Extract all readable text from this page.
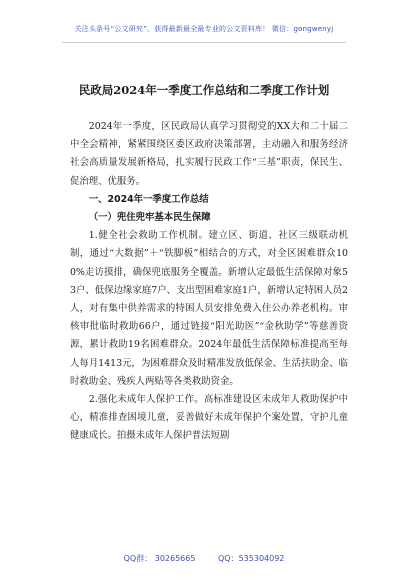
关注头条号“公文研究”，获得最新最全最专业的公文资料库！ 微信：gongwenyj
民政局2024年一季度工作总结和二季度工作计划

2024年一季度，区民政局认真学习贯彻党的XX大和二十届二中全会精神，紧紧围绕区委区政府决策部署，主动融入和服务经济社会高质量发展新格局，扎实履行民政工作“三基”职责，保民生、促治理、优服务。

一、2024年一季度工作总结

（一）兜住兜牢基本民生保障

1.健全社会救助工作机制。建立区、街道、社区三级联动机制，通过“大数据”＋“铁脚板”相结合的方式，对全区困难群众100%走访摸排，确保兜底服务全覆盖。新增认定最低生活保障对象53户、低保边缘家庭7户、支出型困难家庭1户，新增认定特困人员2人，对有集中供养需求的特困人员安排免费入住公办养老机构。审核审批临时救助66户，通过链接“阳光助医”“金秋助学”等慈善资源，累计救助19名困难群众。2024年最低生活保障标准提高至每人每月1413元，为困难群众及时精准发放低保金、生活扶助金、临时救助金、残疾人两贴等各类救助资金。

2.强化未成年人保护工作。高标准建设区未成年人救助保护中心，精准排查困境儿童，妥善做好未成年保护个案处置，守护儿童健康成长。拍摄未成年人保护普法短剧

QQ群： 30265665	QQ：535304092
